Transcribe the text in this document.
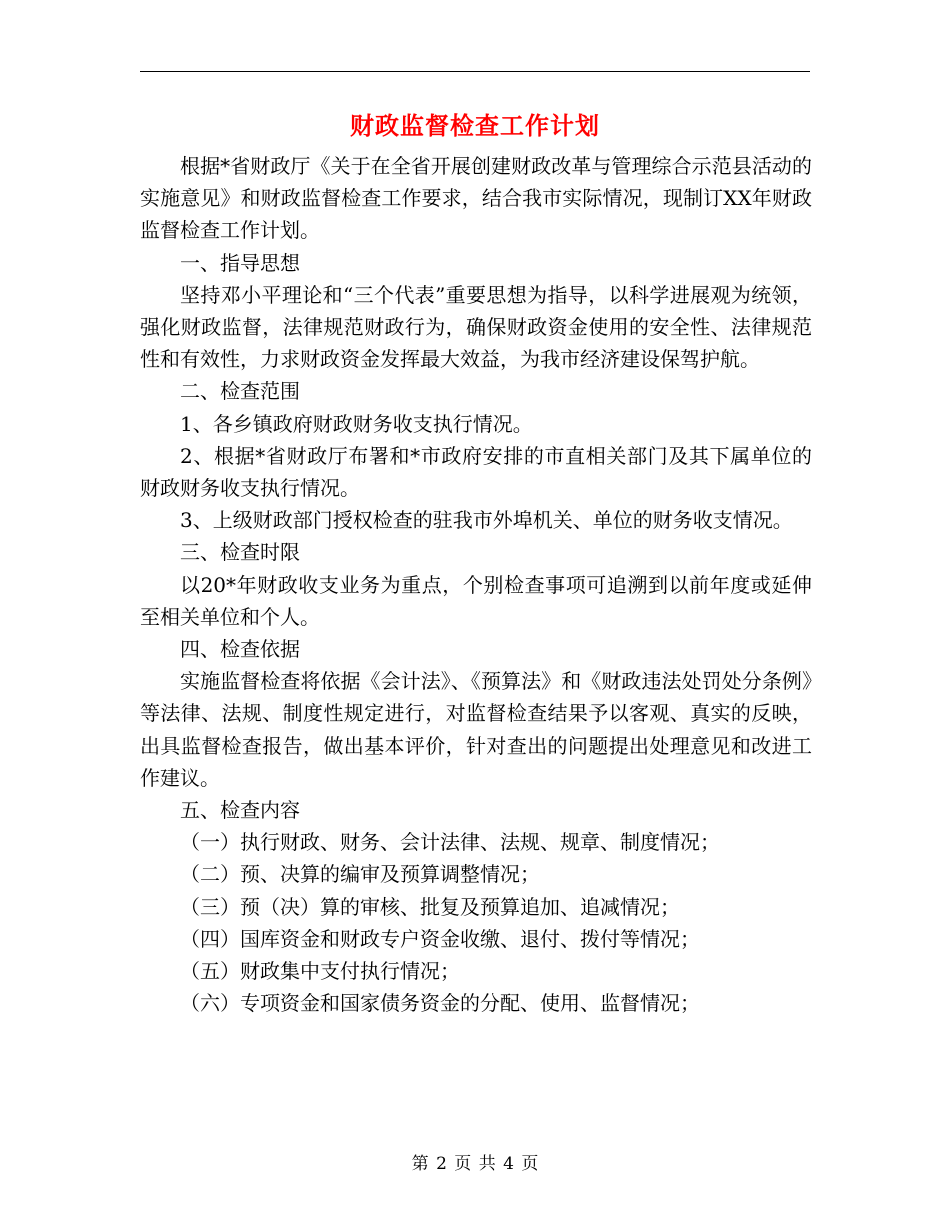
财政监督检查工作计划

根据*省财政厅《关于在全省开展创建财政改革与管理综合示范县活动的实施意见》和财政监督检查工作要求，结合我市实际情况，现制订XX年财政监督检查工作计划。

一、指导思想

坚持邓小平理论和“三个代表”重要思想为指导，以科学进展观为统领，强化财政监督，法律规范财政行为，确保财政资金使用的安全性、法律规范性和有效性，力求财政资金发挥最大效益，为我市经济建设保驾护航。

二、检查范围

1、各乡镇政府财政财务收支执行情况。

2、根据*省财政厅布署和*市政府安排的市直相关部门及其下属单位的财政财务收支执行情况。

3、上级财政部门授权检查的驻我市外埠机关、单位的财务收支情况。

三、检查时限

以20*年财政收支业务为重点，个别检查事项可追溯到以前年度或延伸至相关单位和个人。

四、检查依据

实施监督检查将依据《会计法》、《预算法》和《财政违法处罚处分条例》等法律、法规、制度性规定进行，对监督检查结果予以客观、真实的反映，出具监督检查报告，做出基本评价，针对查出的问题提出处理意见和改进工作建议。

五、检查内容

（一）执行财政、财务、会计法律、法规、规章、制度情况；

（二）预、决算的编审及预算调整情况；

（三）预（决）算的审核、批复及预算追加、追减情况；

（四）国库资金和财政专户资金收缴、退付、拨付等情况；

（五）财政集中支付执行情况；

（六）专项资金和国家债务资金的分配、使用、监督情况；

第 2 页 共 4 页
